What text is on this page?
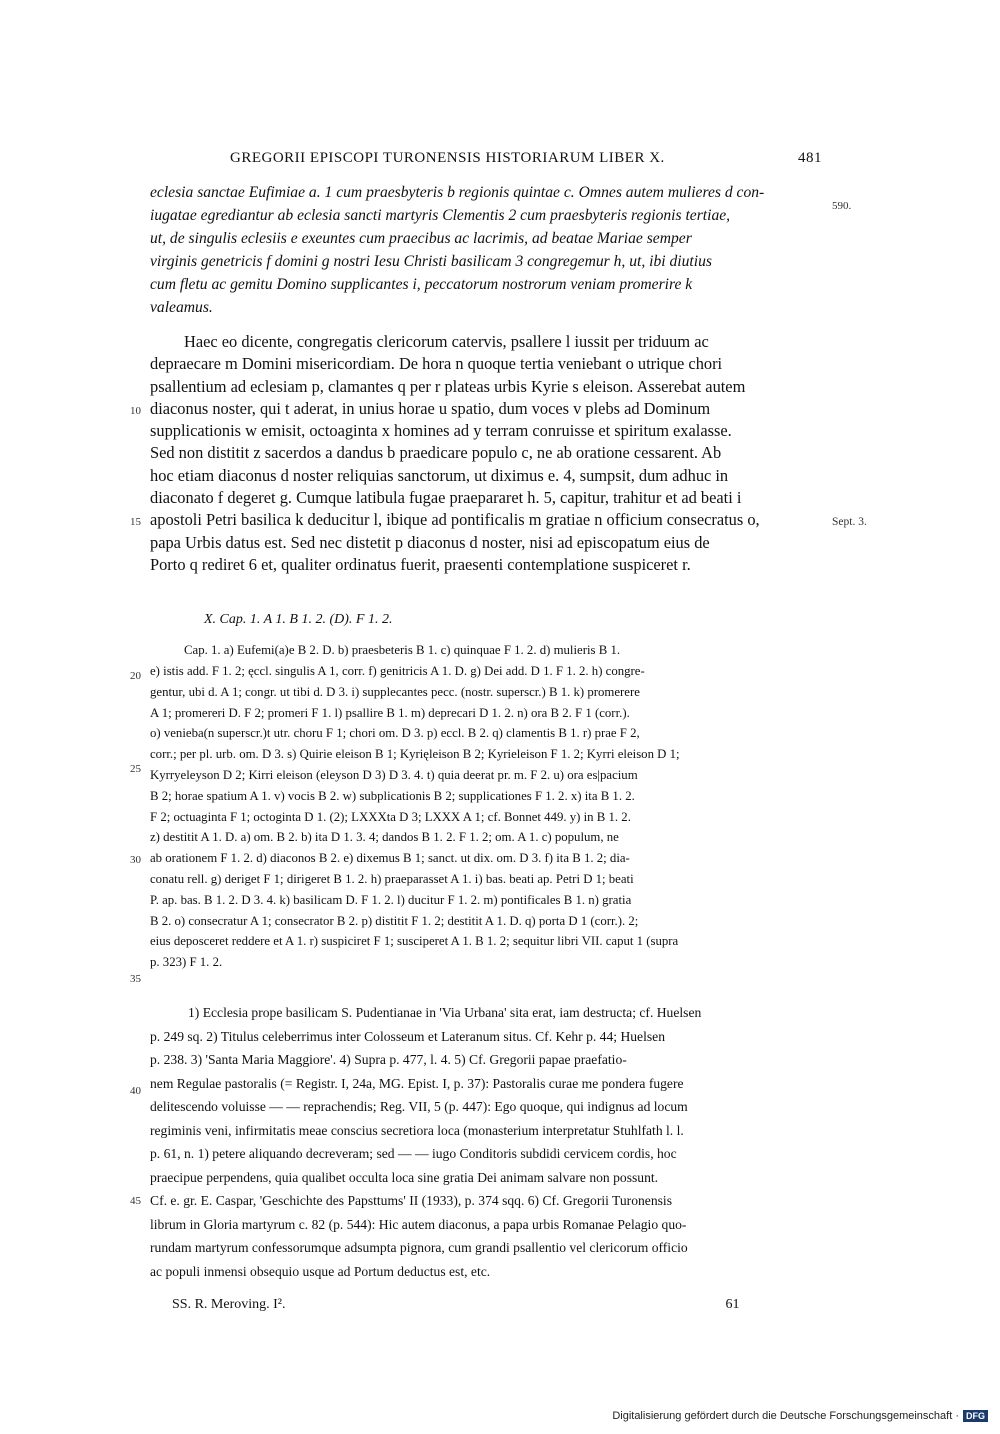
GREGORII EPISCOPI TURONENSIS HISTORIARUM LIBER X.	481
eclesia sanctae Eufimiae a. 1 cum praesbyteris b regionis quintae c. Omnes autem mulieres d con-
iugatae egrediantur ab eclesia sancti martyris Clementis 2 cum praesbyteris regionis tertiae,
ut, de singulis eclesiis e exeuntes cum praecibus ac lacrimis, ad beatae Mariae semper
virginis genetricis f domini g nostri Iesu Christi basilicam 3 congregemur h, ut, ibi diutius
cum fletu ac gemitu Domino supplicantes i, peccatorum nostrorum veniam promerire k
valeamus.
Haec eo dicente, congregatis clericorum catervis, psallere l iussit per triduum ac
depraecare m Domini misericordiam. De hora n quoque tertia veniebant o utrique chori
psallentium ad eclesiam p, clamantes q per r plateas urbis Kyrie s eleison. Asserebat autem
diaconus noster, qui t aderat, in unius horae u spatio, dum voces v plebs ad Dominum
supplicationis w emisit, octoaginta x homines ad y terram conruisse et spiritum exalasse.
Sed non distitit z sacerdos a dandus b praedicare populo c, ne ab oratione cessarent. Ab
hoc etiam diaconus d noster reliquias sanctorum, ut diximus e. 4, sumpsit, dum adhuc in
diaconato f degeret g. Cumque latibula fugae praepararet h. 5, capitur, trahitur et ad beati i
apostoli Petri basilica k deducitur l, ibique ad pontificalis m gratiae n officium consecratus o,
papa Urbis datus est. Sed nec distetit p diaconus d noster, nisi ad episcopatum eius de
Porto q rediret 6 et, qualiter ordinatus fuerit, praesenti contemplatione suspiceret r.
X. Cap. 1. A 1. B 1. 2. (D). F 1. 2.
Cap. 1. a) Eufemi(a)e B 2. D. b) praesbeteris B 1. c) quinquae F 1. 2. d) mulieris B 1.
e) istis add. F 1. 2; ęccl. singulis A 1, corr. f) genitricis A 1. D. g) Dei add. D 1. F 1. 2. h) congre-
gentur, ubi d. A 1; congr. ut tibi d. D 3. i) supplecantes pecc. (nostr. superscr.) B 1. k) promerere
A 1; promereri D. F 2; promeri F 1. l) psallire B 1. m) deprecari D 1. 2. n) ora B 2. F 1 (corr.).
o) venieba(n superscr.)t utr. choru F 1; chori om. D 3. p) eccl. B 2. q) clamentis B 1. r) prae F 2,
corr.; per pl. urb. om. D 3. s) Quirie eleison B 1; Kyrięleison B 2; Kyrieleison F 1. 2; Kyrri eleison D 1;
Kyrryeleyson D 2; Kirri eleison (eleyson D 3) D 3. 4. t) quia deerat pr. m. F 2. u) ora es|pacium
B 2; horae spatium A 1. v) vocis B 2. w) subplicationis B 2; supplicationes F 1. 2. x) ita B 1. 2.
F 2; octuaginta F 1; octoginta D 1. (2); LXXXta D 3; LXXX A 1; cf. Bonnet 449. y) in B 1. 2.
z) destitit A 1. D. a) om. B 2. b) ita D 1. 3. 4; dandos B 1. 2. F 1. 2; om. A 1. c) populum, ne
ab orationem F 1. 2. d) diaconos B 2. e) dixemus B 1; sanct. ut dix. om. D 3. f) ita B 1. 2; dia-
conatu rell. g) deriget F 1; dirigeret B 1. 2. h) praeparasset A 1. i) bas. beati ap. Petri D 1; beati
P. ap. bas. B 1. 2. D 3. 4. k) basilicam D. F 1. 2. l) ducitur F 1. 2. m) pontificales B 1. n) gratia
B 2. o) consecratur A 1; consecrator B 2. p) distitit F 1. 2; destitit A 1. D. q) porta D 1 (corr.). 2;
eius deposceret reddere et A 1. r) suspiciret F 1; susciperet A 1. B 1. 2; sequitur libri VII. caput 1 (supra
p. 323) F 1. 2.
1) Ecclesia prope basilicam S. Pudentianae in 'Via Urbana' sita erat, iam destructa; cf. Huelsen
p. 249 sq. 2) Titulus celeberrimus inter Colosseum et Lateranum situs. Cf. Kehr p. 44; Huelsen
p. 238. 3) 'Santa Maria Maggiore'. 4) Supra p. 477, l. 4. 5) Cf. Gregorii papae praefatio-
nem Regulae pastoralis (= Registr. I, 24a, MG. Epist. I, p. 37): Pastoralis curae me pondera fugere
delitescendo voluisse — — reprachendis; Reg. VII, 5 (p. 447): Ego quoque, qui indignus ad locum
regiminis veni, infirmitatis meae conscius secretiora loca (monasterium interpretatur Stuhlfath l. l.
p. 61, n. 1) petere aliquando decreveram; sed — — iugo Conditoris subdidi cervicem cordis, hoc
praecipue perpendens, quia qualibet occulta loca sine gratia Dei animam salvare non possunt.
Cf. e. gr. E. Caspar, 'Geschichte des Papsttums' II (1933), p. 374 sqq. 6) Cf. Gregorii Turonensis
librum in Gloria martyrum c. 82 (p. 544): Hic autem diaconus, a papa urbis Romanae Pelagio quo-
rundam martyrum confessorumque adsumpta pignora, cum grandi psallentio vel clericorum officio
ac populi inmensi obsequio usque ad Portum deductus est, etc.
SS. R. Meroving. I².	61
590.
Sept. 3.
10
15
20
25
30
35
40
45
Digitalisierung gefördert durch die Deutsche Forschungsgemeinschaft · DFG
